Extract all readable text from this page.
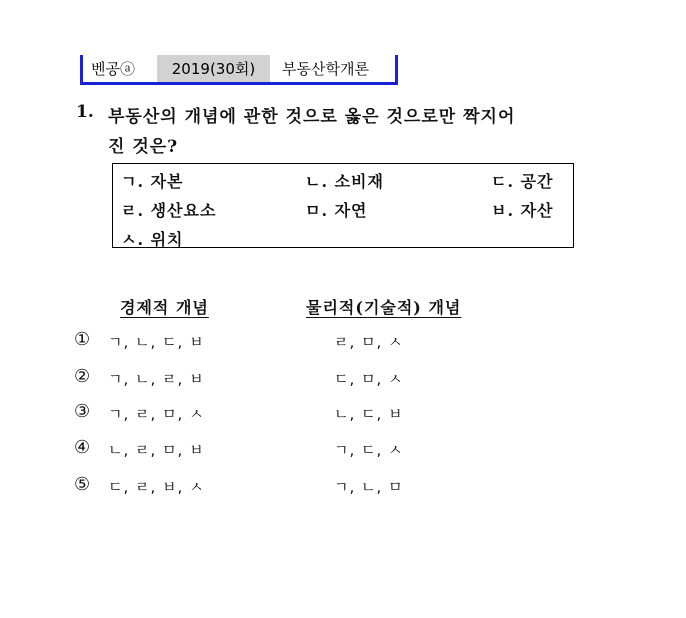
벤공ⓐ	2019(30회)	부동산학개론
1. 부동산의 개념에 관한 것으로 옳은 것으로만 짝지어
진 것은?
ㄱ. 자본	ㄴ. 소비재	ㄷ. 공간
ㄹ. 생산요소	ㅁ. 자연	ㅂ. 자산
ㅅ. 위치
경제적 개념	물리적(기술적) 개념
① ㄱ, ㄴ, ㄷ, ㅂ	ㄹ, ㅁ, ㅅ
② ㄱ, ㄴ, ㄹ, ㅂ	ㄷ, ㅁ, ㅅ
③ ㄱ, ㄹ, ㅁ, ㅅ	ㄴ, ㄷ, ㅂ
④ ㄴ, ㄹ, ㅁ, ㅂ	ㄱ, ㄷ, ㅅ
⑤ ㄷ, ㄹ, ㅂ, ㅅ	ㄱ, ㄴ, ㅁ
